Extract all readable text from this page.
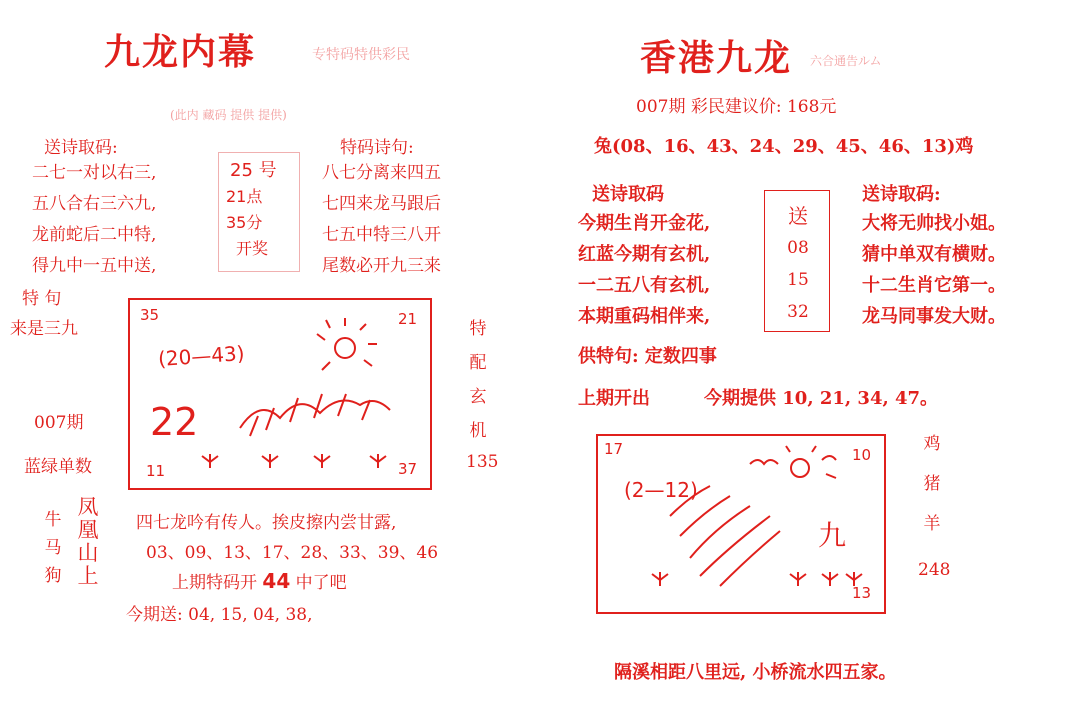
九龙内幕	专特码特供彩民
(此内 藏码 提供 提供)
送诗取码:
二七一对以右三,
五八合右三六九,
龙前蛇后二中特,
得九中一五中送,
25 号
21点
35分
开奖
特码诗句:
八七分离来四五
七四来龙马跟后
七五中特三八开
尾数必开九三来
特 句
来是三九
007期
蓝绿单数
35	21
11	37
(20—43)
22
特
配
玄
机
135
牛
马
狗
凤
凰
山
上
四七龙吟有传人。挨皮擦内尝甘露,
03、09、13、17、28、33、39、46
上期特码开 44 中了吧
今期送: 04, 15, 04, 38,
香港九龙 六合通告ルム
007期 彩民建议价: 168元
兔(08、16、43、24、29、45、46、13)鸡
送诗取码
今期生肖开金花,
红蓝今期有玄机,
一二五八有玄机,
本期重码相伴来,
送
08
15
32
送诗取码:
大将无帅找小姐。
猜中单双有横财。
十二生肖它第一。
龙马同事发大财。
供特句: 定数四事
上期开出	今期提供 10, 21, 34, 47。
17	10
13
(2—12)
九
鸡
猪
羊
248
隔溪相距八里远, 小桥流水四五家。
